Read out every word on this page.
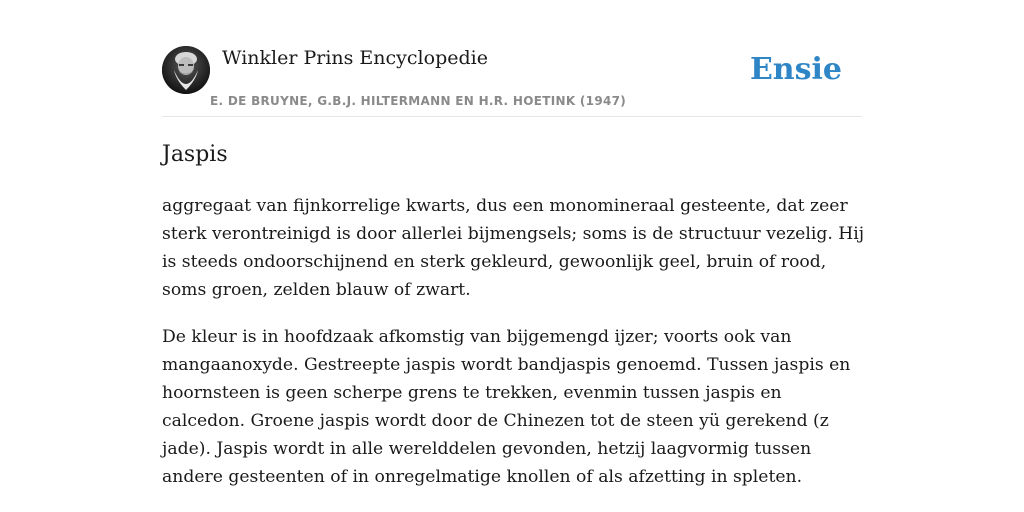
Winkler Prins Encyclopedie
E. DE BRUYNE, G.B.J. HILTERMANN EN H.R. HOETINK (1947)
Ensie
Jaspis

aggregaat van fijnkorrelige kwarts, dus een monomineraal gesteente, dat zeer sterk verontreinigd is door allerlei bijmengsels; soms is de structuur vezelig. Hij is steeds ondoorschijnend en sterk gekleurd, gewoonlijk geel, bruin of rood, soms groen, zelden blauw of zwart.

De kleur is in hoofdzaak afkomstig van bijgemengd ijzer; voorts ook van mangaanoxyde. Gestreepte jaspis wordt bandjaspis genoemd. Tussen jaspis en hoornsteen is geen scherpe grens te trekken, evenmin tussen jaspis en calcedon. Groene jaspis wordt door de Chinezen tot de steen yü gerekend (z jade). Jaspis wordt in alle werelddelen gevonden, hetzij laagvormig tussen andere gesteenten of in onregelmatige knollen of als afzetting in spleten.
